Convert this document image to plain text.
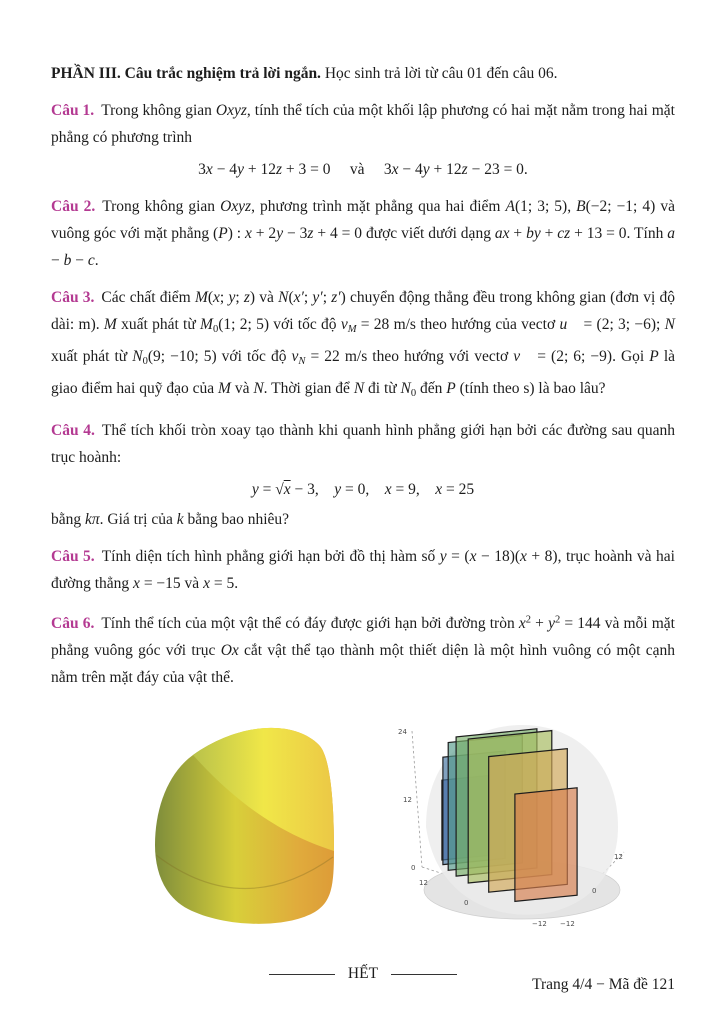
PHẦN III. Câu trắc nghiệm trả lời ngắn. Học sinh trả lời từ câu 01 đến câu 06.

Câu 1. Trong không gian Oxyz, tính thể tích của một khối lập phương có hai mặt nằm trong hai mặt phẳng có phương trình

3x − 4y + 12z + 3 = 0     và     3x − 4y + 12z − 23 = 0.

Câu 2. Trong không gian Oxyz, phương trình mặt phẳng qua hai điểm A(1; 3; 5), B(−2; −1; 4) và vuông góc với mặt phẳng (P) : x + 2y − 3z + 4 = 0 được viết dưới dạng ax + by + cz + 13 = 0. Tính a − b − c.

Câu 3. Các chất điểm M(x; y; z) và N(x′; y′; z′) chuyển động thẳng đều trong không gian (đơn vị độ dài: m). M xuất phát từ M0(1; 2; 5) với tốc độ vM = 28 m/s theo hướng của vectơ u⃗ = (2; 3; −6); N xuất phát từ N0(9; −10; 5) với tốc độ vN = 22 m/s theo hướng với vectơ v⃗ = (2; 6; −9). Gọi P là giao điểm hai quỹ đạo của M và N. Thời gian để N đi từ N0 đến P (tính theo s) là bao lâu?

Câu 4. Thể tích khối tròn xoay tạo thành khi quanh hình phẳng giới hạn bởi các đường sau quanh trục hoành:

y = √x − 3,    y = 0,    x = 9,    x = 25

bằng kπ. Giá trị của k bằng bao nhiêu?

Câu 5. Tính diện tích hình phẳng giới hạn bởi đồ thị hàm số y = (x − 18)(x + 8), trục hoành và hai đường thẳng x = −15 và x = 5.

Câu 6. Tính thể tích của một vật thể có đáy được giới hạn bởi đường tròn $x^2 + y^2 = 144$ và mỗi mặt phẳng vuông góc với trục Ox cắt vật thể tạo thành một thiết diện là một hình vuông có một cạnh nằm trên mặt đáy của vật thể.

24
12
0
12
0
−12 −12
0
12
HẾT
Trang 4/4 − Mã đề 121
